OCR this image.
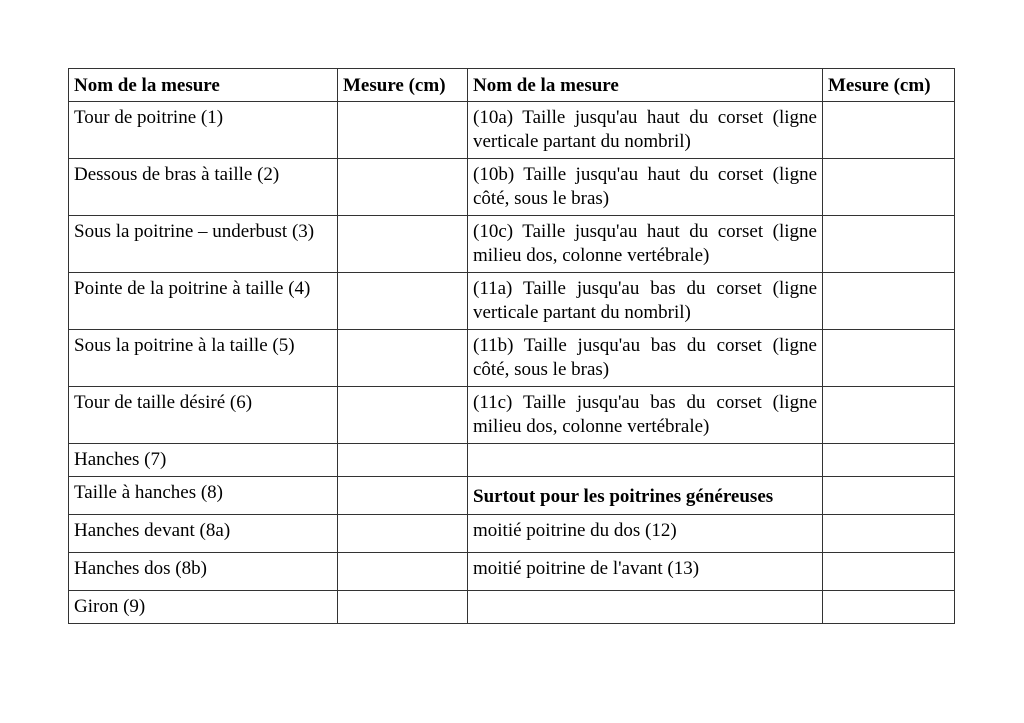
Nom de la mesure	Mesure (cm)	Nom de la mesure	Mesure (cm)
Tour de poitrine (1)		(10a) Taille jusqu'au haut du corset (ligne verticale partant du nombril)	
Dessous de bras à taille (2)		(10b) Taille jusqu'au haut du corset (ligne côté, sous le bras)	
Sous la poitrine – underbust (3)		(10c) Taille jusqu'au haut du corset (ligne milieu dos, colonne vertébrale)	
Pointe de la poitrine à taille (4)		(11a) Taille jusqu'au bas du corset (ligne verticale partant du nombril)	
Sous la poitrine à la taille (5)		(11b) Taille jusqu'au bas du corset (ligne côté, sous le bras)	
Tour de taille désiré (6)		(11c) Taille jusqu'au bas du corset (ligne milieu dos, colonne vertébrale)	
Hanches (7)			
Taille à hanches (8)		Surtout pour les poitrines généreuses	
Hanches devant (8a)		moitié poitrine du dos (12)	
Hanches dos (8b)		moitié poitrine de l'avant (13)	
Giron (9)			
